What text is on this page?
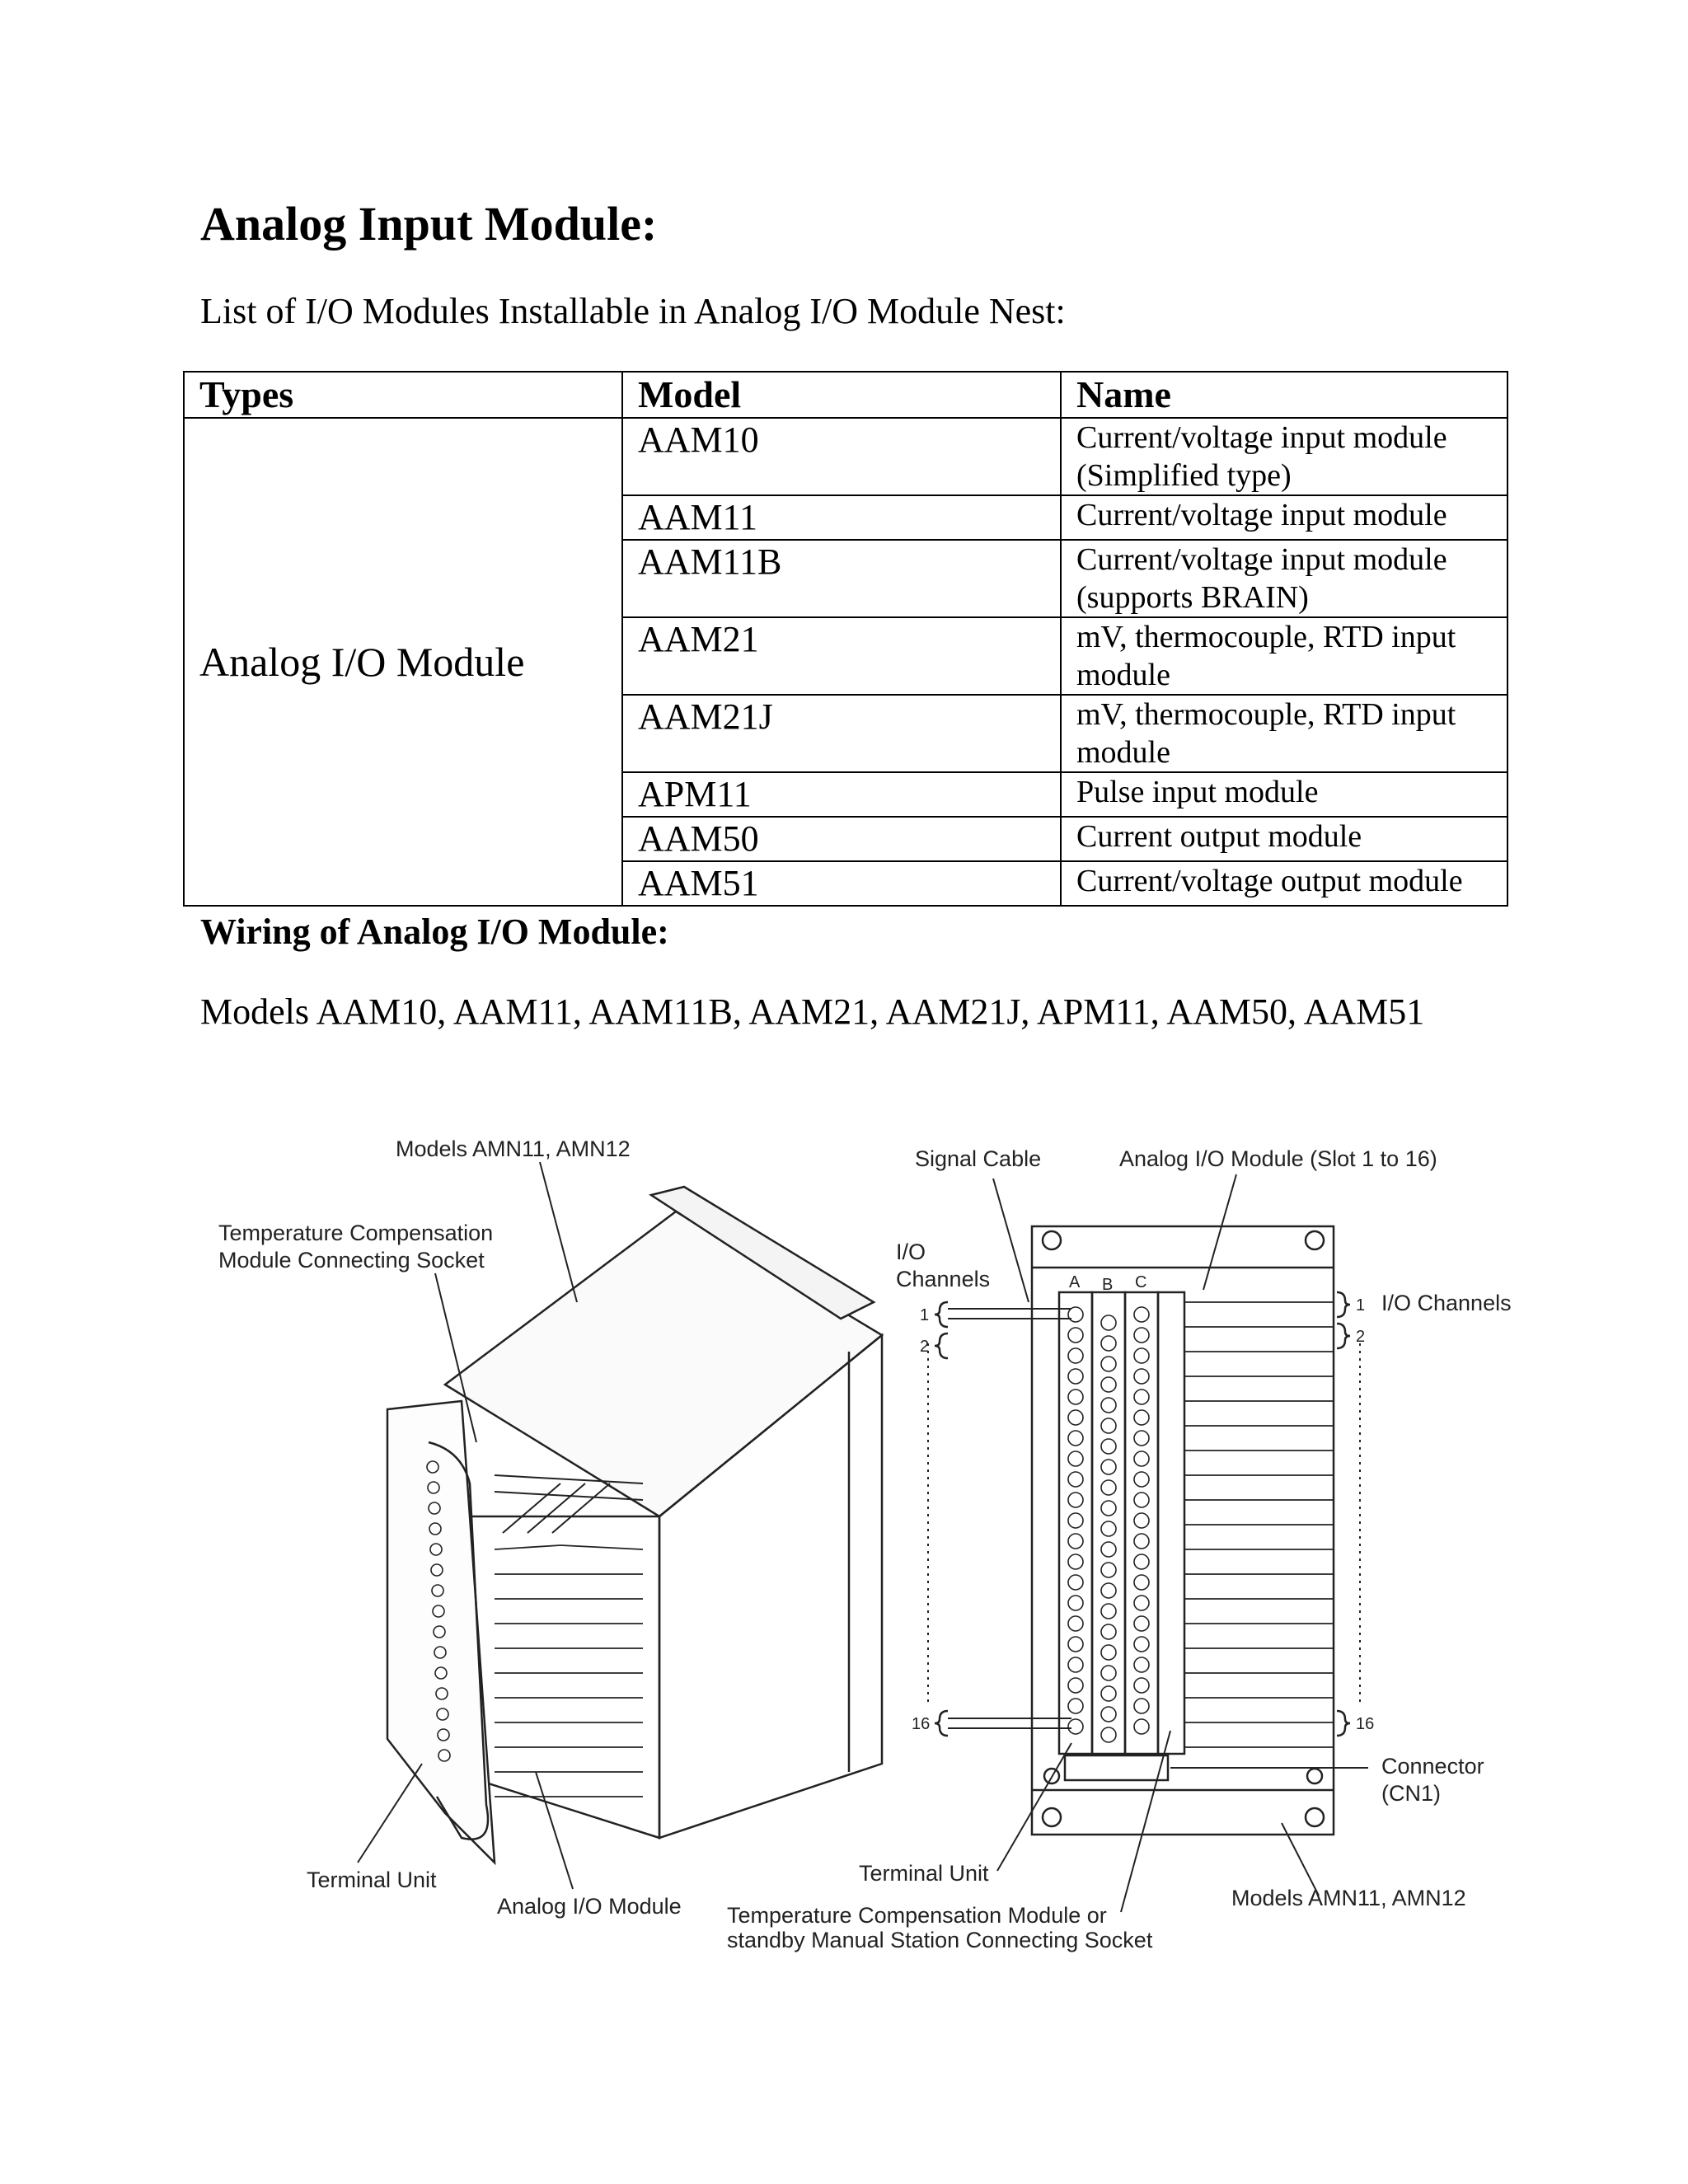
Analog Input Module:

List of I/O Modules Installable in Analog I/O Module Nest:

Types	Model	Name
Analog I/O Module	AAM10	Current/voltage input module (Simplified type)
	AAM11	Current/voltage input module
	AAM11B	Current/voltage input module (supports BRAIN)
	AAM21	mV, thermocouple, RTD input module
	AAM21J	mV, thermocouple, RTD input module
	APM11	Pulse input module
	AAM50	Current output module
	AAM51	Current/voltage output module

Wiring of Analog I/O Module:

Models AAM10, AAM11, AAM11B, AAM21, AAM21J, APM11, AAM50, AAM51

Models AMN11, AMN12
Temperature Compensation
Module Connecting Socket
Terminal Unit
Analog I/O Module
Signal Cable	Analog I/O Module (Slot 1 to 16)
I/O
Channels
1
2
16
A B C
1 I/O Channels
2
16
Connector
(CN1)
Terminal Unit
Temperature Compensation Module or
standby Manual Station Connecting Socket
Models AMN11, AMN12
